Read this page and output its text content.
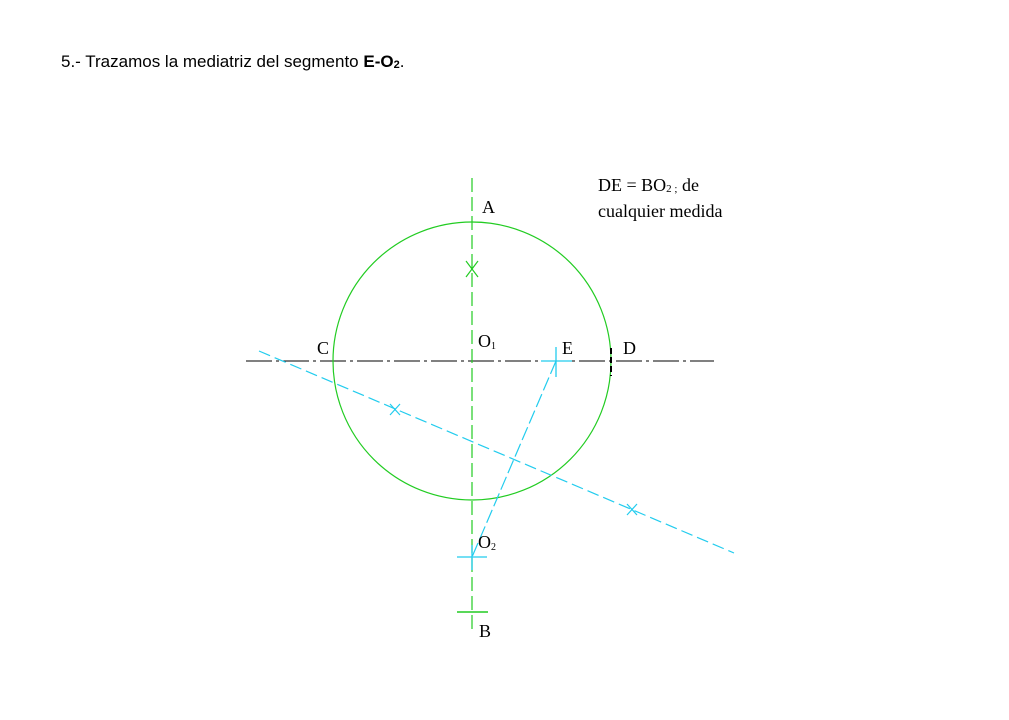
5.- Trazamos la mediatriz del segmento $E-O_2$.
A
B
C	D
E
O1
O2
DE = $BO_{2 ;}$ de
cualquier medida
